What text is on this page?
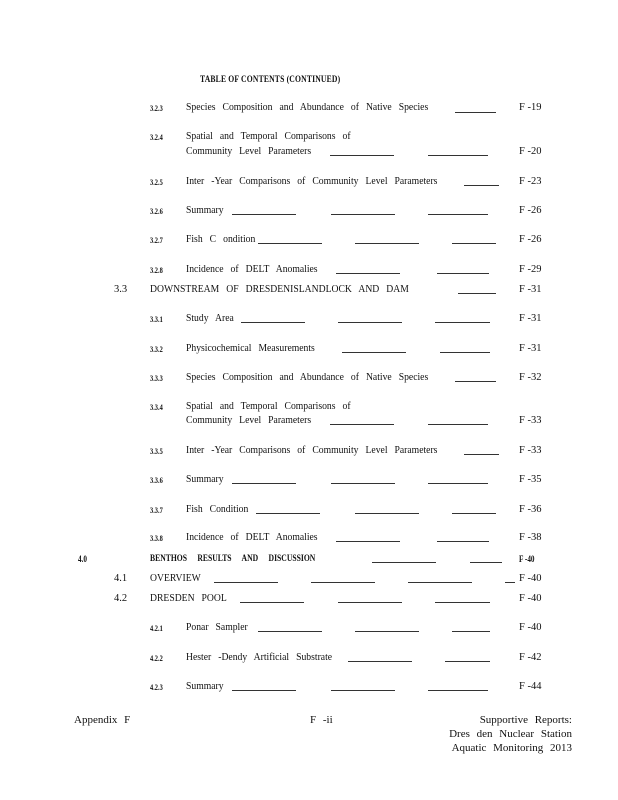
TABLE OF CONTENTS (CONTINUED)
3.2.3 Species Composition and Abundance of Native Species	F -19
3.2.4 Spatial and Temporal Comparisons of
Community Level Parameters	F -20
3.2.5 Inter -Year Comparisons of Community Level Parameters	F -23
3.2.6 Summary	F -26
3.2.7 Fish C ondition	F -26
3.2.8 Incidence of DELT Anomalies	F -29
3.3 DOWNSTREAM OF DRESDENISLANDLOCK AND DAM	F -31
3.3.1 Study Area	F -31
3.3.2 Physicochemical Measurements	F -31
3.3.3 Species Composition and Abundance of Native Species	F -32
3.3.4 Spatial and Temporal Comparisons of
Community Level Parameters	F -33
3.3.5 Inter -Year Comparisons of Community Level Parameters	F -33
3.3.6 Summary	F -35
3.3.7 Fish Condition	F -36
3.3.8 Incidence of DELT Anomalies	F -38
4.0	BENTHOS RESULTS AND DISCUSSION	F -40
4.1 OVERVIEW	F -40
4.2 DRESDEN POOL	F -40
4.2.1 Ponar Sampler	F -40
4.2.2 Hester -Dendy Artificial Substrate	F -42
4.2.3 Summary	F -44
Appendix F	F -ii	Supportive Reports:
Dres den Nuclear Station
Aquatic Monitoring 2013
